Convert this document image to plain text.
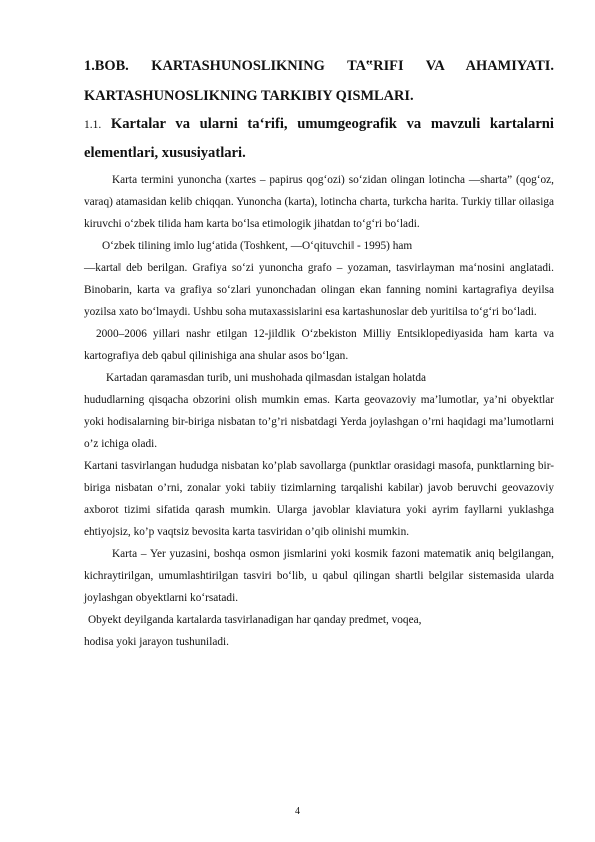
1.BOB. KARTASHUNOSLIKNING TA‟RIFI VA AHAMIYATI.

KARTASHUNOSLIKNING TARKIBIY QISMLARI.

1.1. Kartalar va ularni ta‘rifi, umumgeografik va mavzuli kartalarni elementlari, xususiyatlari.

Karta termini yunoncha (xartes – papirus qog‘ozi) so‘zidan olingan lotincha ―sharta” (qog‘oz, varaq) atamasidan kelib chiqqan. Yunoncha (karta), lotincha charta, turkcha harita. Turkiy tillar oilasiga kiruvchi o‘zbek tilida ham karta bo‘lsa etimologik jihatdan to‘g‘ri bo‘ladi.

O‘zbek tilining imlo lug‘atida (Toshkent, ―O‘qituvchi‖ - 1995) ham

―karta‖ deb berilgan. Grafiya so‘zi yunoncha grafo – yozaman, tasvirlayman ma‘nosini anglatadi. Binobarin, karta va grafiya so‘zlari yunonchadan olingan ekan fanning nomini kartagrafiya deyilsa yozilsa xato bo‘lmaydi. Ushbu soha mutaxassislarini esa kartashunoslar deb yuritilsa to‘g‘ri bo‘ladi.

2000–2006 yillari nashr etilgan 12-jildlik O‘zbekiston Milliy Entsiklopediyasida ham karta va kartografiya deb qabul qilinishiga ana shular asos bo‘lgan.

Kartadan qaramasdan turib, uni mushohada qilmasdan istalgan holatda

hududlarning qisqacha obzorini olish mumkin emas. Karta geovazoviy ma’lumotlar, ya’ni obyektlar yoki hodisalarning bir-biriga nisbatan to’g’ri nisbatdagi Yerda joylashgan o’rni haqidagi ma’lumotlarni o’z ichiga oladi.

Kartani tasvirlangan hududga nisbatan ko’plab savollarga (punktlar orasidagi masofa, punktlarning bir-biriga nisbatan o’rni, zonalar yoki tabiiy tizimlarning tarqalishi kabilar) javob beruvchi geovazoviy axborot tizimi sifatida qarash mumkin. Ularga javoblar klaviatura yoki ayrim fayllarni yuklashga ehtiyojsiz, ko’p vaqtsiz bevosita karta tasviridan o’qib olinishi mumkin.

Karta – Yer yuzasini, boshqa osmon jismlarini yoki kosmik fazoni matematik aniq belgilangan, kichraytirilgan, umumlashtirilgan tasviri bo‘lib, u qabul qilingan shartli belgilar sistemasida ularda joylashgan obyektlarni ko‘rsatadi.

Obyekt deyilganda kartalarda tasvirlanadigan har qanday predmet, voqea,

hodisa yoki jarayon tushuniladi.

4
